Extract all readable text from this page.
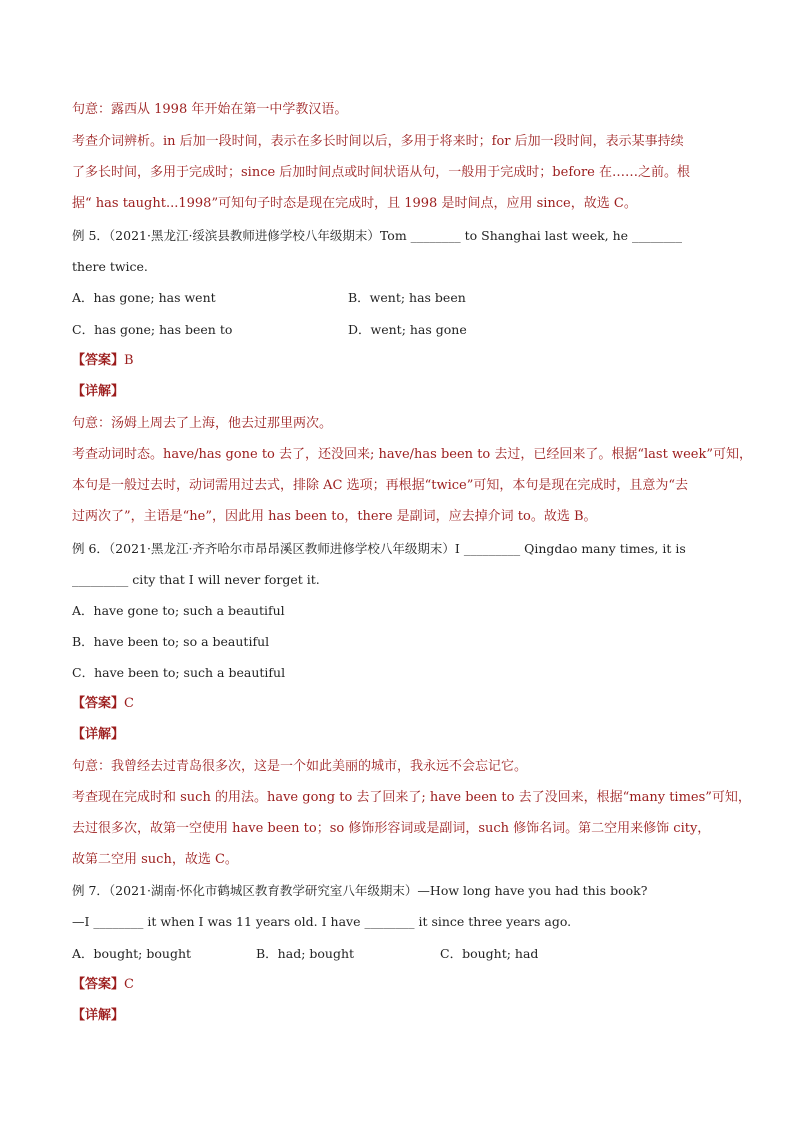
句意：露西从 1998 年开始在第一中学教汉语。
考查介词辨析。in 后加一段时间，表示在多长时间以后，多用于将来时；for 后加一段时间，表示某事持续
了多长时间，多用于完成时；since 后加时间点或时间状语从句，一般用于完成时；before 在……之前。根
据“ has taught...1998”可知句子时态是现在完成时，且 1998 是时间点，应用 since，故选 C。
例 5．（2021·黑龙江·绥滨县教师进修学校八年级期末）Tom ________ to Shanghai last week, he ________
there twice.
A．has gone; has went	B．went; has been
C．has gone; has been to	D．went; has gone
【答案】B
【详解】
句意：汤姆上周去了上海，他去过那里两次。
考查动词时态。have/has gone to 去了，还没回来; have/has been to 去过，已经回来了。根据“last week”可知，
本句是一般过去时，动词需用过去式，排除 AC 选项；再根据“twice”可知，本句是现在完成时，且意为“去
过两次了”，主语是“he”，因此用 has been to，there 是副词，应去掉介词 to。故选 B。
例 6．（2021·黑龙江·齐齐哈尔市昂昂溪区教师进修学校八年级期末）I _________ Qingdao many times, it is
_________ city that I will never forget it.
A．have gone to; such a beautiful
B．have been to; so a beautiful
C．have been to; such a beautiful
【答案】C
【详解】
句意：我曾经去过青岛很多次，这是一个如此美丽的城市，我永远不会忘记它。
考查现在完成时和 such 的用法。have gong to 去了回来了; have been to 去了没回来，根据“many times”可知，
去过很多次，故第一空使用 have been to；so 修饰形容词或是副词，such 修饰名词。第二空用来修饰 city，
故第二空用 such，故选 C。
例 7．（2021·湖南·怀化市鹤城区教育教学研究室八年级期末）—How long have you had this book?
—I ________ it when I was 11 years old. I have ________ it since three years ago.
A．bought; bought	B．had; bought	C．bought; had
【答案】C
【详解】
